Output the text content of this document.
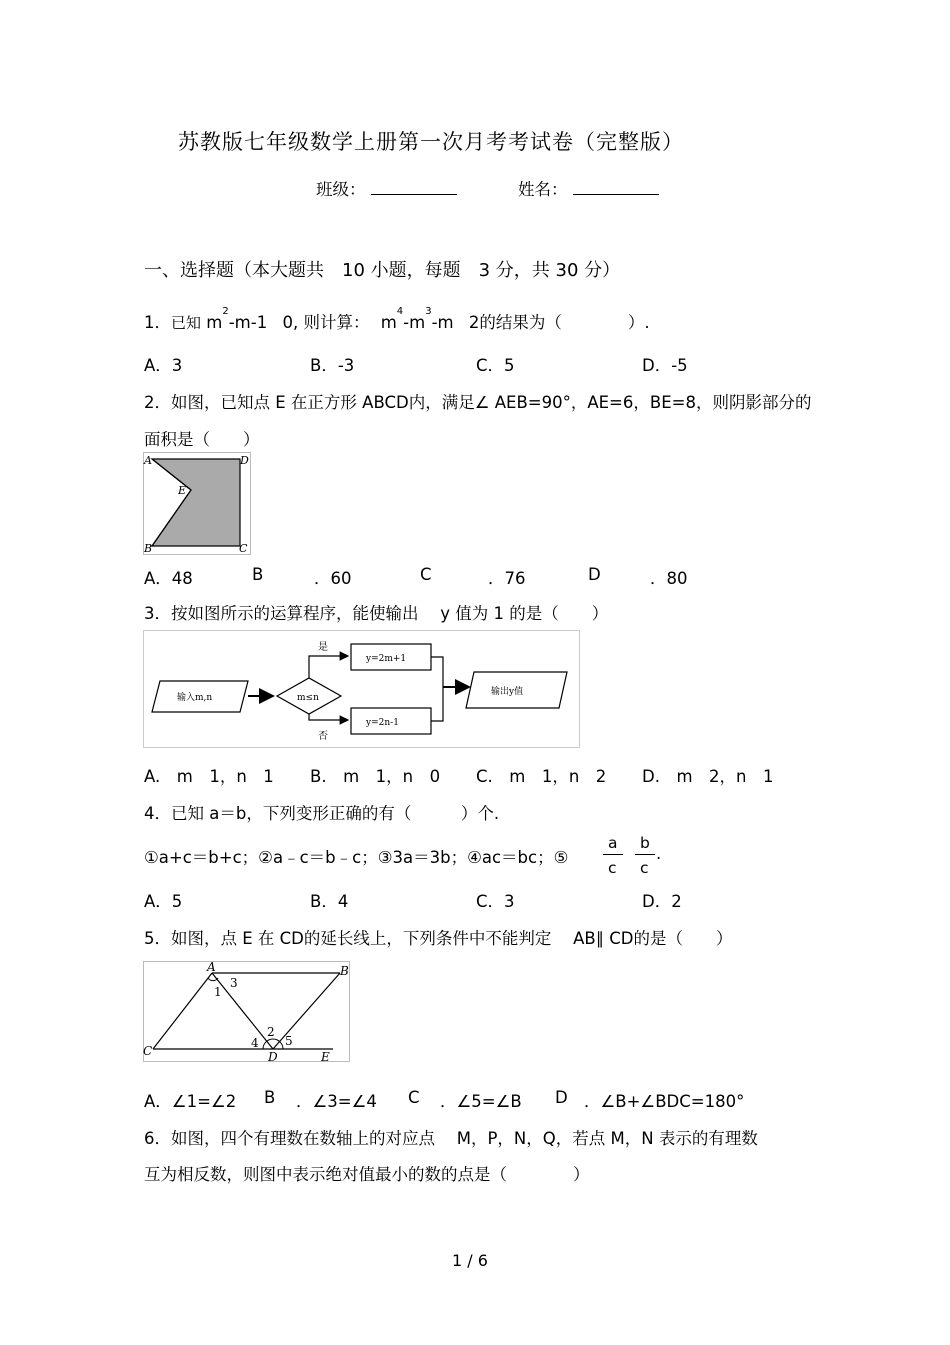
苏教版七年级数学上册第一次月考考试卷（完整版）
班级：	姓名：
一、选择题（本大题共　10 小题，每题　3 分，共 30 分）
1．已知 $m^2-m-1$ 0, 则计算： $m^4-m^3-m$ 2的结果为（　　　　）.
A．3	B．-3	C．5	D．-5
2．如图，已知点 E 在正方形 ABCD内，满足∠ AEB=90°，AE=6，BE=8，则阴影部分的
面积是（　　）
A	D
E
B	C
A．48	B	．60	C	．76	D	．80
3．按如图所示的运算程序，能使输出　 y 值为 1 的是（　　）
输入m,n	m≤n
是
否
y=2m+1
y=2n-1
输出y值
A.　m　1，n　1 B.　m　1，n　0 C.　m　1，n　2 D.　m　2，n　1
4．已知 a＝b，下列变形正确的有（　　　）个.
①a+c＝b+c；②a﹣c＝b﹣c；③3a＝3b；④ac＝bc；⑤
a
c
b
c
.
A．5	B．4	C．3	D．2
5．如图，点 E 在 CD的延长线上，下列条件中不能判定　 AB∥ CD的是（　　）
A	B
1
3
2
4 5
C	D	E
A．∠1=∠2 B ．∠3=∠4 C ．∠5=∠B D ．∠B+∠BDC=180°
6．如图，四个有理数在数轴上的对应点　 M，P，N，Q，若点 M，N 表示的有理数
互为相反数，则图中表示绝对值最小的数的点是（　　　　）
1 / 6
